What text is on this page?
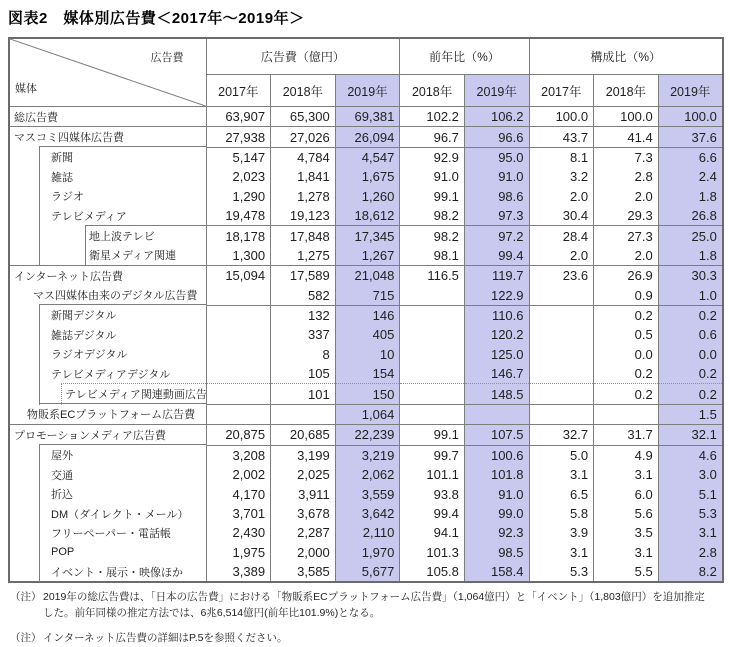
図表2　媒体別広告費＜2017年～2019年＞
広告費
媒体	広告費（億円）			前年比（%）		構成比（%）		
	2017年	2018年	2019年	2018年	2019年	2017年	2018年	2019年

総広告費	63,907	65,300	69,381	102.2	106.2	100.0	100.0	100.0

マスコミ四媒体広告費	27,938	27,026	26,094	96.7	96.6	43.7	41.4	37.6

新聞	5,147	4,784	4,547	92.9	95.0	8.1	7.3	6.6

雑誌	2,023	1,841	1,675	91.0	91.0	3.2	2.8	2.4

ラジオ	1,290	1,278	1,260	99.1	98.6	2.0	2.0	1.8

テレビメディア	19,478	19,123	18,612	98.2	97.3	30.4	29.3	26.8

地上波テレビ	18,178	17,848	17,345	98.2	97.2	28.4	27.3	25.0

衛星メディア関連	1,300	1,275	1,267	98.1	99.4	2.0	2.0	1.8

インターネット広告費	15,094	17,589	21,048	116.5	119.7	23.6	26.9	30.3

マス四媒体由来のデジタル広告費		582	715		122.9		0.9	1.0

新聞デジタル		132	146		110.6		0.2	0.2

雑誌デジタル		337	405		120.2		0.5	0.6

ラジオデジタル		8	10		125.0		0.0	0.0

テレビメディアデジタル		105	154		146.7		0.2	0.2

テレビメディア関連動画広告		101	150		148.5		0.2	0.2

物販系ECプラットフォーム広告費			1,064					1.5

プロモーションメディア広告費	20,875	20,685	22,239	99.1	107.5	32.7	31.7	32.1

屋外	3,208	3,199	3,219	99.7	100.6	5.0	4.9	4.6

交通	2,002	2,025	2,062	101.1	101.8	3.1	3.1	3.0

折込	4,170	3,911	3,559	93.8	91.0	6.5	6.0	5.1

DM（ダイレクト・メール）	3,701	3,678	3,642	99.4	99.0	5.8	5.6	5.3

フリーペーパー・電話帳	2,430	2,287	2,110	94.1	92.3	3.9	3.5	3.1

POP	1,975	2,000	1,970	101.3	98.5	3.1	3.1	2.8

イベント・展示・映像ほか	3,389	3,585	5,677	105.8	158.4	5.3	5.5	8.2
（注） 2019年の総広告費は、「日本の広告費」における「物販系ECプラットフォーム広告費」（1,064億円）と「イベント」（1,803億円）を追加推定
した。前年同様の推定方法では、6兆6,514億円(前年比101.9%)となる。
（注） インターネット広告費の詳細はP.5を参照ください。
